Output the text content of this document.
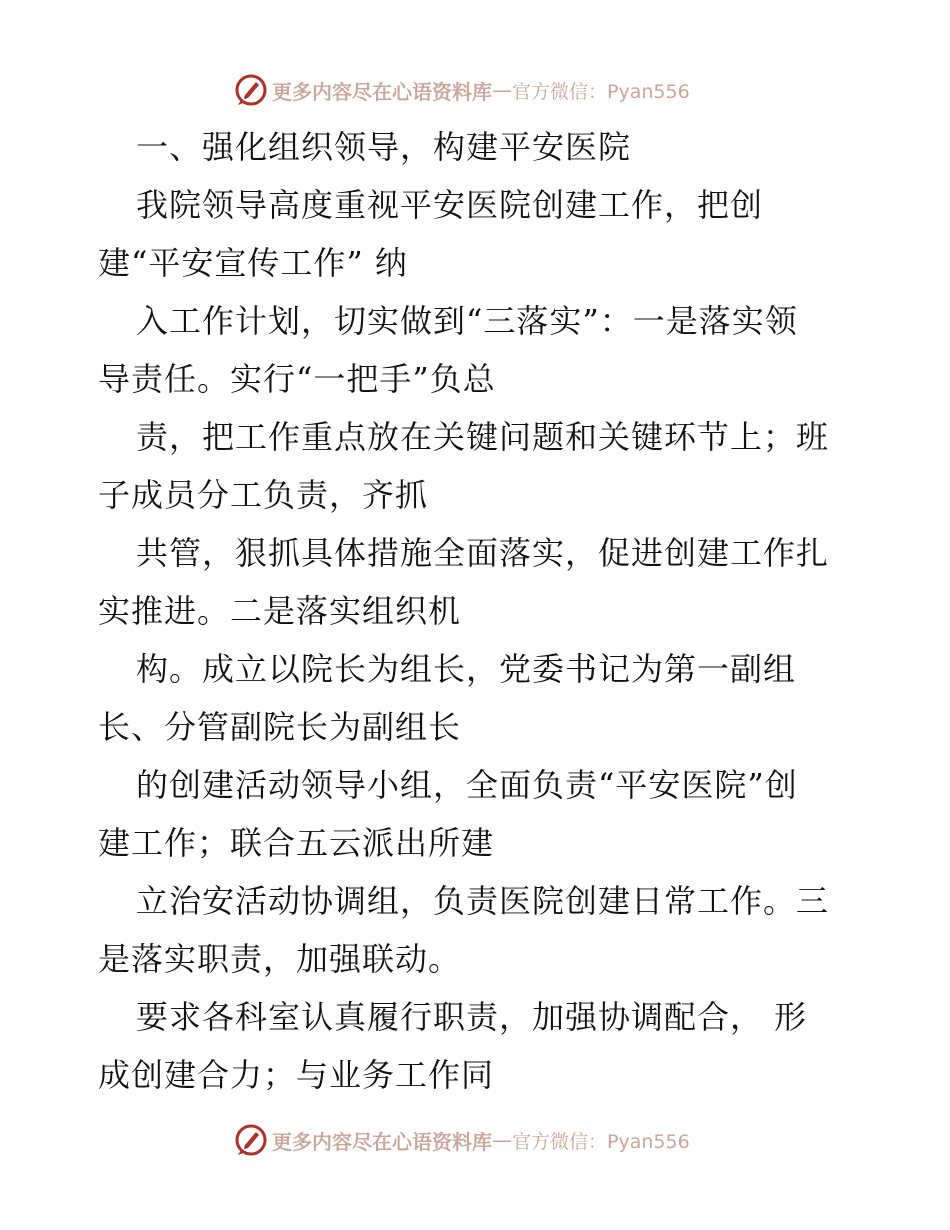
更多内容尽在心语资料库 — 官方微信：Pyan556
一、强化组织领导，构建平安医院
我院领导高度重视平安医院创建工作，把创
建“平安宣传工作” 纳
入工作计划，切实做到“三落实”：一是落实领
导责任。实行“一把手”负总
责，把工作重点放在关键问题和关键环节上；班
子成员分工负责，齐抓
共管，狠抓具体措施全面落实，促进创建工作扎
实推进。二是落实组织机
构。成立以院长为组长，党委书记为第一副组
长、分管副院长为副组长
的创建活动领导小组，全面负责“平安医院”创
建工作；联合五云派出所建
立治安活动协调组，负责医院创建日常工作。三
是落实职责，加强联动。
要求各科室认真履行职责，加强协调配合， 形
成创建合力；与业务工作同
更多内容尽在心语资料库 — 官方微信：Pyan556
